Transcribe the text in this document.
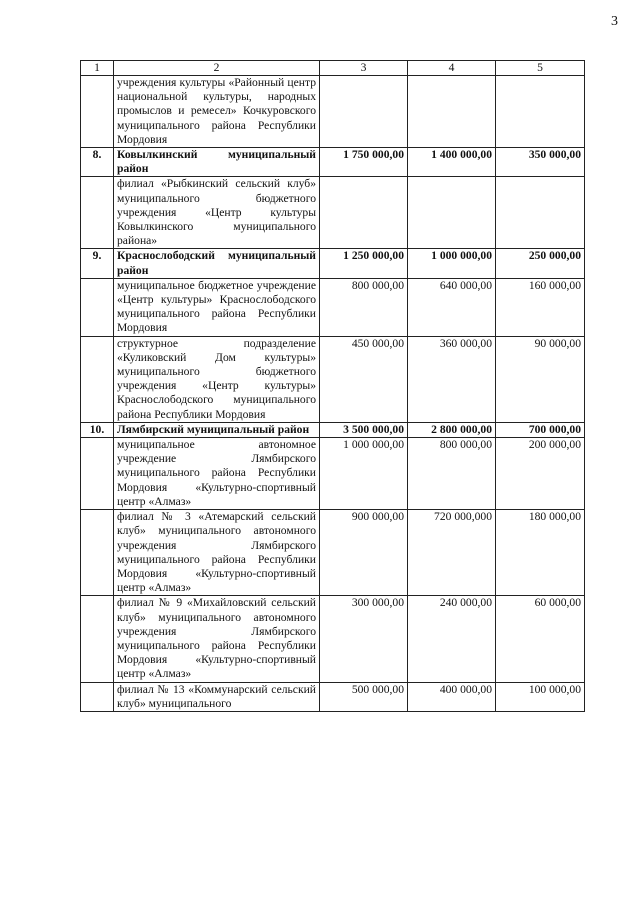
3
1	2	3	4	5
	учреждения культуры «Районный центр национальной культуры, народных промыслов и ремесел» Кочкуровского муниципального района Республики Мордовия			
8.	Ковылкинский муниципальный район	1 750 000,00	1 400 000,00	350 000,00
	филиал «Рыбкинский сельский клуб» муниципального бюджетного учреждения «Центр культуры Ковылкинского муниципального района»			
9.	Краснослободский муниципальный район	1 250 000,00	1 000 000,00	250 000,00
	муниципальное бюджетное учреждение «Центр культуры» Краснослободского муниципального района Республики Мордовия	800 000,00	640 000,00	160 000,00
	структурное подразделение «Куликовский Дом культуры» муниципального бюджетного учреждения «Центр культуры» Краснослободского муниципального района Республики Мордовия	450 000,00	360 000,00	90 000,00
10.	Лямбирский муниципальный район	3 500 000,00	2 800 000,00	700 000,00
	муниципальное автономное учреждение Лямбирского муниципального района Республики Мордовия «Культурно-спортивный центр «Алмаз»	1 000 000,00	800 000,00	200 000,00
	филиал № 3 «Атемарский сельский клуб» муниципального автономного учреждения Лямбирского муниципального района Республики Мордовия «Культурно-спортивный центр «Алмаз»	900 000,00	720 000,000	180 000,00
	филиал № 9 «Михайловский сельский клуб» муниципального автономного учреждения Лямбирского муниципального района Республики Мордовия «Культурно-спортивный центр «Алмаз»	300 000,00	240 000,00	60 000,00
	филиал № 13 «Коммунарский сельский клуб» муниципального	500 000,00	400 000,00	100 000,00
